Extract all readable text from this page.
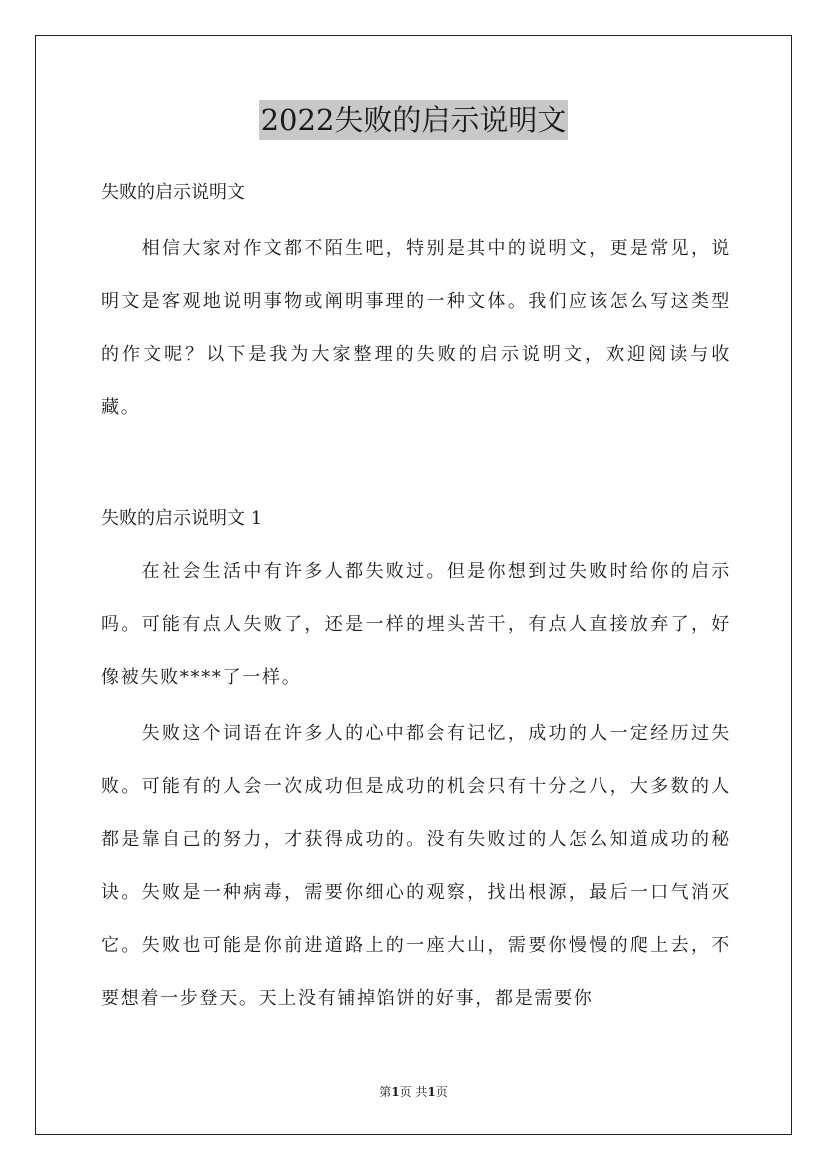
2022失败的启示说明文
失败的启示说明文
相信大家对作文都不陌生吧，特别是其中的说明文，更是常见，说明文是客观地说明事物或阐明事理的一种文体。我们应该怎么写这类型的作文呢？以下是我为大家整理的失败的启示说明文，欢迎阅读与收藏。
失败的启示说明文 1
在社会生活中有许多人都失败过。但是你想到过失败时给你的启示吗。可能有点人失败了，还是一样的埋头苦干，有点人直接放弃了，好像被失败****了一样。
失败这个词语在许多人的心中都会有记忆，成功的人一定经历过失败。可能有的人会一次成功但是成功的机会只有十分之八，大多数的人都是靠自己的努力，才获得成功的。没有失败过的人怎么知道成功的秘诀。失败是一种病毒，需要你细心的观察，找出根源，最后一口气消灭它。失败也可能是你前进道路上的一座大山，需要你慢慢的爬上去，不要想着一步登天。天上没有铺掉馅饼的好事，都是需要你
第1页 共1页
